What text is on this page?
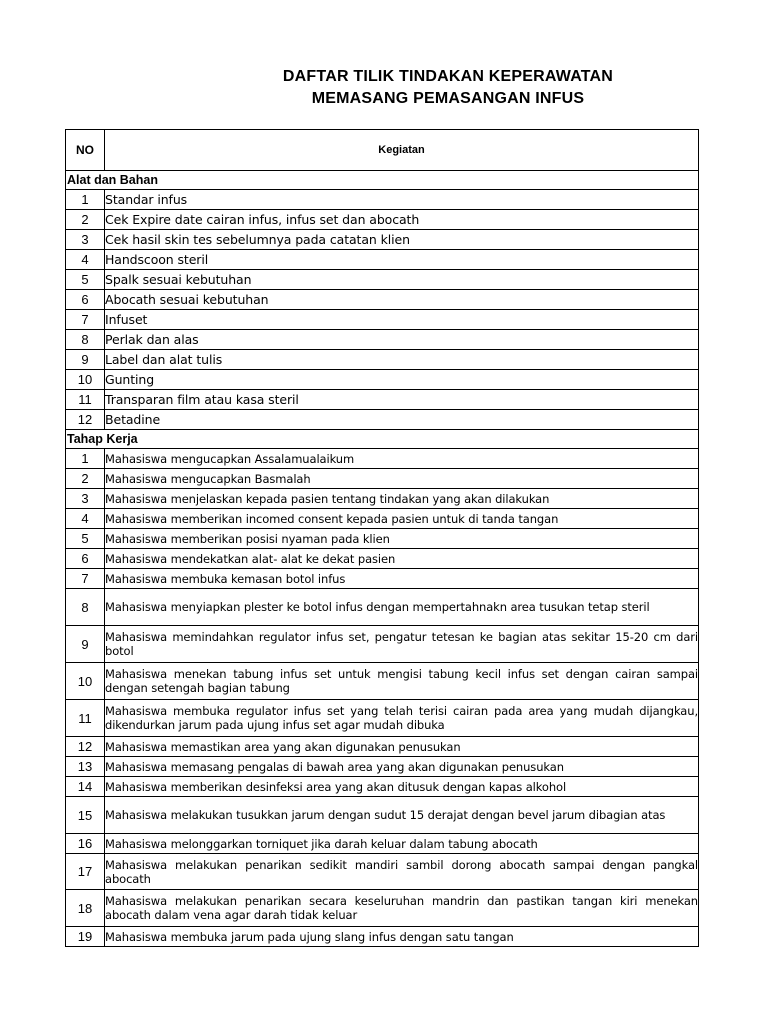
DAFTAR TILIK TINDAKAN KEPERAWATAN
MEMASANG PEMASANGAN INFUS
NO	Kegiatan
Alat dan Bahan	
1	Standar infus
2	Cek Expire date cairan infus, infus set dan abocath
3	Cek hasil skin tes sebelumnya pada catatan klien
4	Handscoon steril
5	Spalk sesuai kebutuhan
6	Abocath sesuai kebutuhan
7	Infuset
8	Perlak dan alas
9	Label dan alat tulis
10	Gunting
11	Transparan film atau kasa steril
12	Betadine
Tahap Kerja	
1	Mahasiswa mengucapkan Assalamualaikum
2	Mahasiswa mengucapkan Basmalah
3	Mahasiswa menjelaskan kepada pasien tentang tindakan yang akan dilakukan
4	Mahasiswa memberikan incomed consent kepada pasien untuk di tanda tangan
5	Mahasiswa memberikan posisi nyaman pada klien
6	Mahasiswa mendekatkan alat- alat ke dekat pasien
7	Mahasiswa membuka kemasan botol infus
8	Mahasiswa menyiapkan plester ke botol infus dengan mempertahnakn area tusukan tetap steril
9	Mahasiswa memindahkan regulator infus set, pengatur tetesan ke bagian atas sekitar 15-20 cm dari botol
10	Mahasiswa menekan tabung infus set untuk mengisi tabung kecil infus set dengan cairan sampai dengan setengah bagian tabung
11	Mahasiswa membuka regulator infus set yang telah terisi cairan pada area yang mudah dijangkau, dikendurkan jarum pada ujung infus set agar mudah dibuka
12	Mahasiswa memastikan area yang akan digunakan penusukan
13	Mahasiswa memasang pengalas di bawah area yang akan digunakan penusukan
14	Mahasiswa memberikan desinfeksi area yang akan ditusuk dengan kapas alkohol
15	Mahasiswa melakukan tusukkan jarum dengan sudut 15 derajat dengan bevel jarum dibagian atas
16	Mahasiswa melonggarkan torniquet jika darah keluar dalam tabung abocath
17	Mahasiswa melakukan penarikan sedikit mandiri sambil dorong abocath sampai dengan pangkal abocath
18	Mahasiswa melakukan penarikan secara keseluruhan mandrin dan pastikan tangan kiri menekan abocath dalam vena agar darah tidak keluar
19	Mahasiswa membuka jarum pada ujung slang infus dengan satu tangan
